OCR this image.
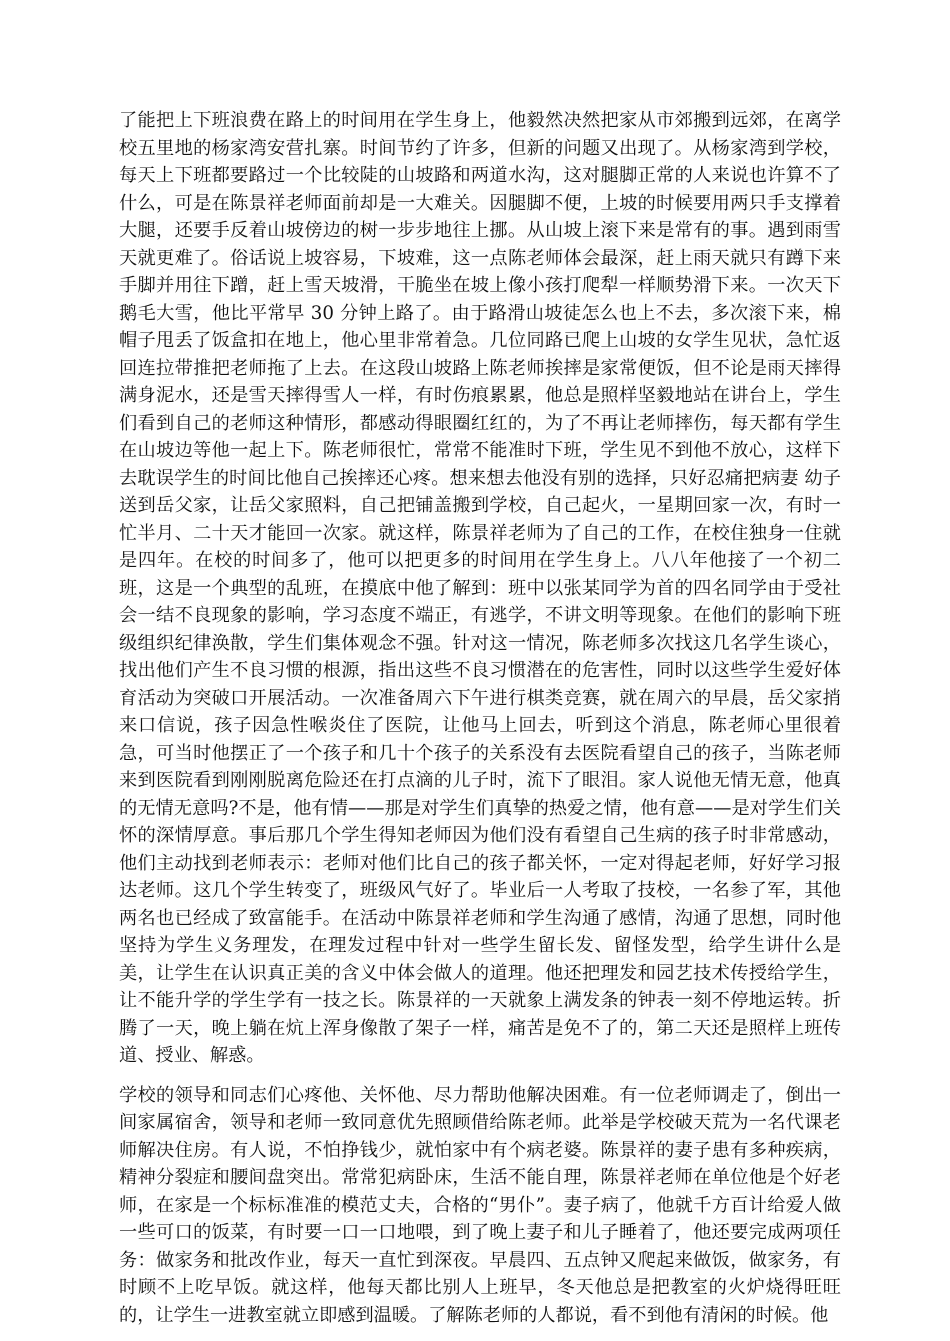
了能把上下班浪费在路上的时间用在学生身上，他毅然决然把家从市郊搬到远郊，在离学校五里地的杨家湾安营扎寨。时间节约了许多，但新的问题又出现了。从杨家湾到学校，每天上下班都要路过一个比较陡的山坡路和两道水沟，这对腿脚正常的人来说也许算不了什么，可是在陈景祥老师面前却是一大难关。因腿脚不便，上坡的时候要用两只手支撑着大腿，还要手反着山坡傍边的树一步步地往上挪。从山坡上滚下来是常有的事。遇到雨雪天就更难了。俗话说上坡容易，下坡难，这一点陈老师体会最深，赶上雨天就只有蹲下来手脚并用往下蹭，赶上雪天坡滑，干脆坐在坡上像小孩打爬犁一样顺势滑下来。一次天下鹅毛大雪，他比平常早 30 分钟上路了。由于路滑山坡徒怎么也上不去，多次滚下来，棉帽子甩丢了饭盒扣在地上，他心里非常着急。几位同路已爬上山坡的女学生见状，急忙返回连拉带推把老师拖了上去。在这段山坡路上陈老师挨摔是家常便饭，但不论是雨天摔得满身泥水，还是雪天摔得雪人一样，有时伤痕累累，他总是照样坚毅地站在讲台上，学生们看到自己的老师这种情形，都感动得眼圈红红的，为了不再让老师摔伤，每天都有学生在山坡边等他一起上下。陈老师很忙，常常不能准时下班，学生见不到他不放心，这样下去耽误学生的时间比他自己挨摔还心疼。想来想去他没有别的选择，只好忍痛把病妻 幼子送到岳父家，让岳父家照料，自己把铺盖搬到学校，自己起火，一星期回家一次，有时一忙半月、二十天才能回一次家。就这样，陈景祥老师为了自己的工作，在校住独身一住就是四年。在校的时间多了，他可以把更多的时间用在学生身上。八八年他接了一个初二班，这是一个典型的乱班，在摸底中他了解到：班中以张某同学为首的四名同学由于受社会一结不良现象的影响，学习态度不端正，有逃学，不讲文明等现象。在他们的影响下班级组织纪律涣散，学生们集体观念不强。针对这一情况，陈老师多次找这几名学生谈心，找出他们产生不良习惯的根源，指出这些不良习惯潜在的危害性，同时以这些学生爱好体育活动为突破口开展活动。一次准备周六下午进行棋类竞赛，就在周六的早晨，岳父家捎来口信说，孩子因急性喉炎住了医院，让他马上回去，听到这个消息，陈老师心里很着急，可当时他摆正了一个孩子和几十个孩子的关系没有去医院看望自己的孩子，当陈老师来到医院看到刚刚脱离危险还在打点滴的儿子时，流下了眼泪。家人说他无情无意，他真的无情无意吗?不是，他有情——那是对学生们真挚的热爱之情，他有意——是对学生们关怀的深情厚意。事后那几个学生得知老师因为他们没有看望自己生病的孩子时非常感动，他们主动找到老师表示：老师对他们比自己的孩子都关怀，一定对得起老师，好好学习报达老师。这几个学生转变了，班级风气好了。毕业后一人考取了技校，一名参了军，其他两名也已经成了致富能手。在活动中陈景祥老师和学生沟通了感情，沟通了思想，同时他坚持为学生义务理发，在理发过程中针对一些学生留长发、留怪发型，给学生讲什么是美，让学生在认识真正美的含义中体会做人的道理。他还把理发和园艺技术传授给学生，让不能升学的学生学有一技之长。陈景祥的一天就象上满发条的钟表一刻不停地运转。折腾了一天，晚上躺在炕上浑身像散了架子一样，痛苦是免不了的，第二天还是照样上班传道、授业、解惑。

学校的领导和同志们心疼他、关怀他、尽力帮助他解决困难。有一位老师调走了，倒出一间家属宿舍，领导和老师一致同意优先照顾借给陈老师。此举是学校破天荒为一名代课老师解决住房。有人说，不怕挣钱少，就怕家中有个病老婆。陈景祥的妻子患有多种疾病，精神分裂症和腰间盘突出。常常犯病卧床，生活不能自理，陈景祥老师在单位他是个好老师，在家是一个标标准准的模范丈夫，合格的“男仆”。妻子病了，他就千方百计给爱人做一些可口的饭菜，有时要一口一口地喂，到了晚上妻子和儿子睡着了，他还要完成两项任务：做家务和批改作业，每天一直忙到深夜。早晨四、五点钟又爬起来做饭，做家务，有时顾不上吃早饭。就这样，他每天都比别人上班早，冬天他总是把教室的火炉烧得旺旺的，让学生一进教室就立即感到温暖。了解陈老师的人都说，看不到他有清闲的时候。他
